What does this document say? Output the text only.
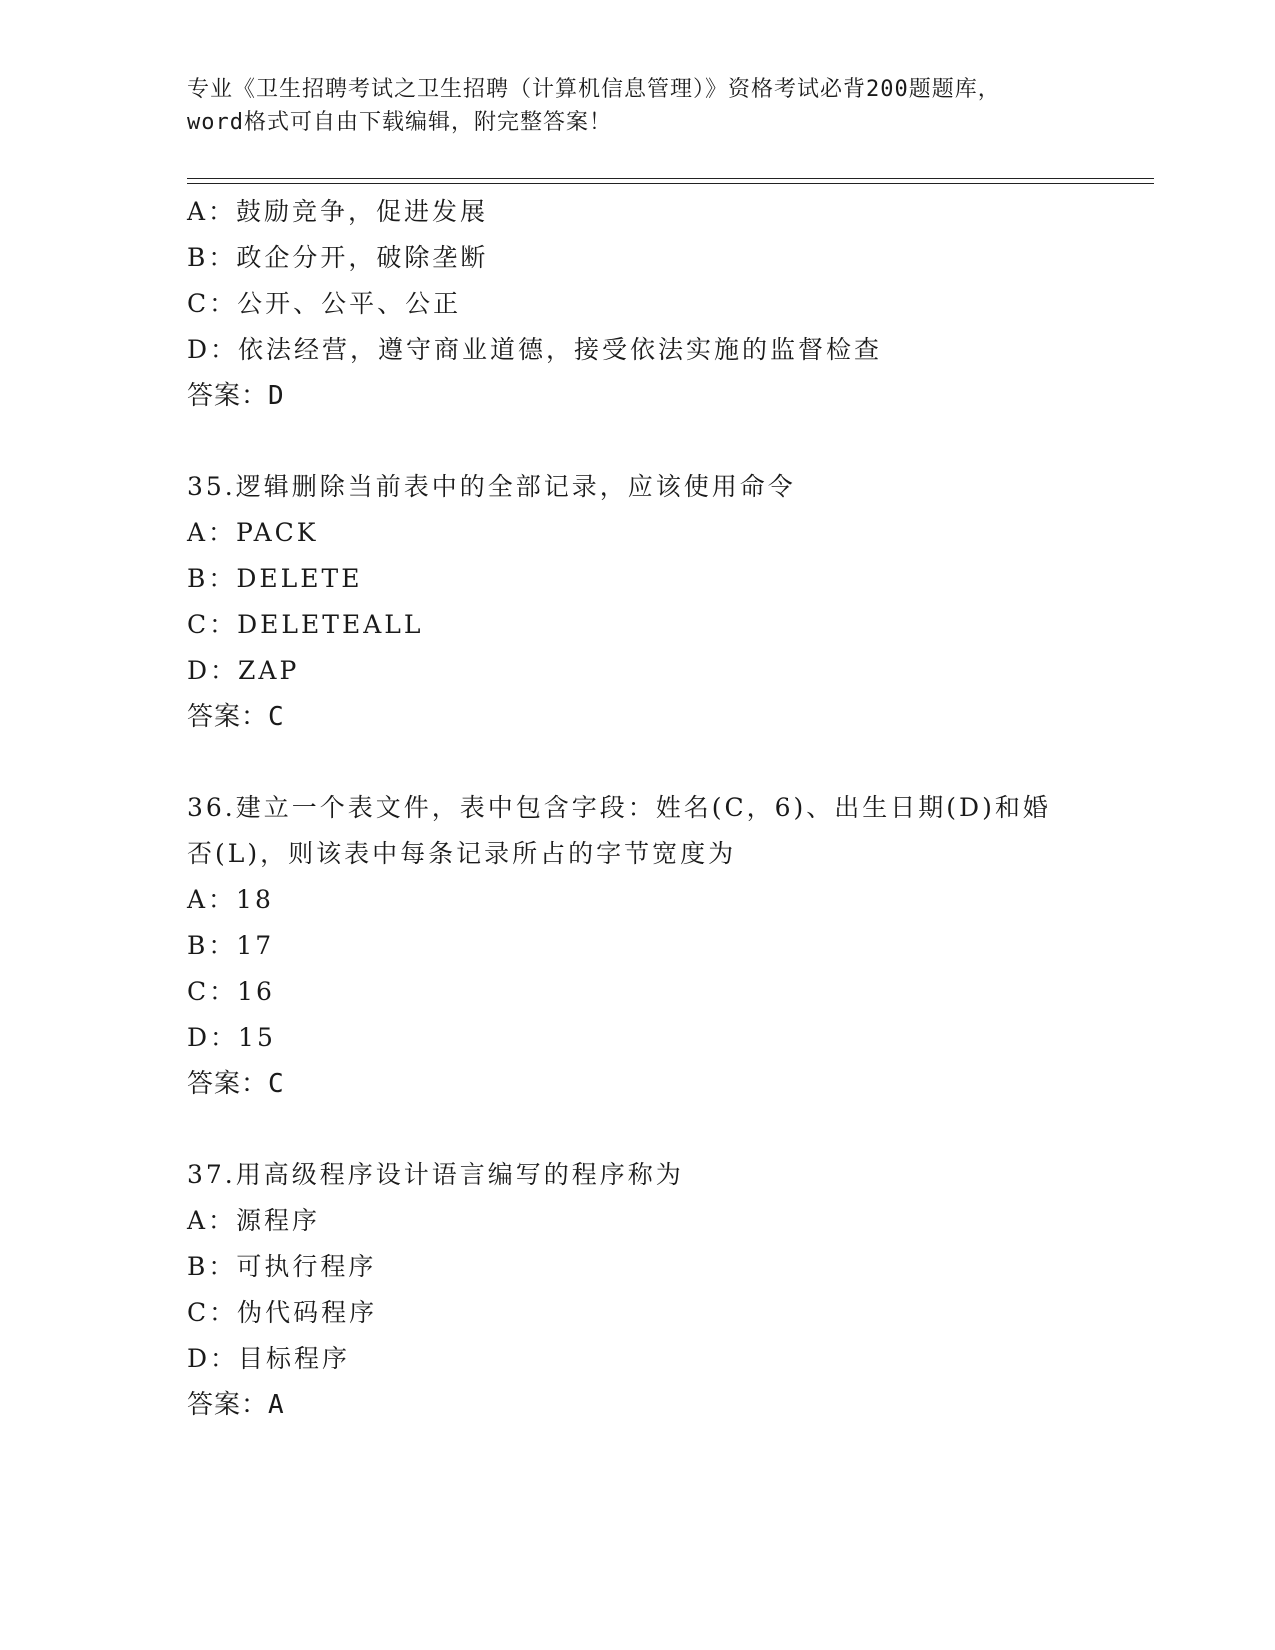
专业《卫生招聘考试之卫生招聘（计算机信息管理）》资格考试必背200题题库，
word格式可自由下载编辑，附完整答案！
A：鼓励竞争，促进发展
B：政企分开，破除垄断
C：公开、公平、公正
D：依法经营，遵守商业道德，接受依法实施的监督检查
答案：D
35.逻辑删除当前表中的全部记录，应该使用命令
A：PACK
B：DELETE
C：DELETEALL
D：ZAP
答案：C
36.建立一个表文件，表中包含字段：姓名(C，6)、出生日期(D)和婚
否(L)，则该表中每条记录所占的字节宽度为
A：18
B：17
C：16
D：15
答案：C
37.用高级程序设计语言编写的程序称为
A：源程序
B：可执行程序
C：伪代码程序
D：目标程序
答案：A
